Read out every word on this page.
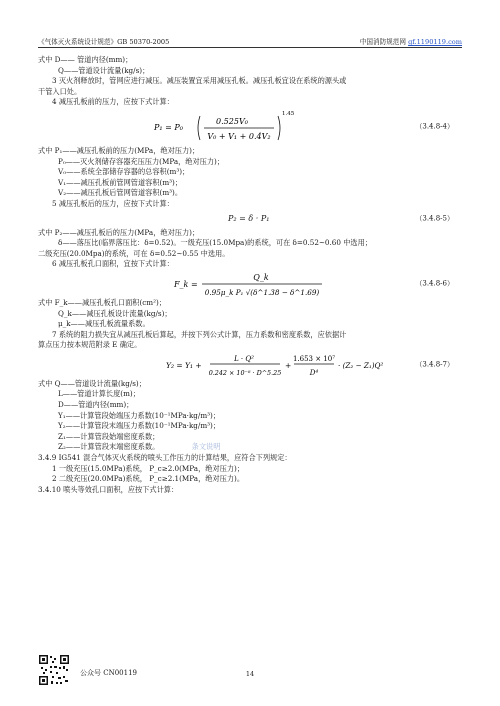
《气体灭火系统设计规范》GB 50370-2005	中国消防规范网 gf.1190119.com
式中 D—— 管道内径(mm)；
Q——管道设计流量(kg/s)；
3 灭火剂释放时，管网应进行减压。减压装置宜采用减压孔板。减压孔板宜设在系统的源头或
干管入口处。
4 减压孔板前的压力，应按下式计算：
P₁ = P₀
0.525V₀
V₀ + V₁ + 0.4V₂
1.45
（3.4.8-4）
式中 P₁——减压孔板前的压力(MPa，绝对压力)；
P₀——灭火剂储存容器充压压力(MPa，绝对压力)；
V₀——系统全部储存容器的总容积(m³)；
V₁——减压孔板前管网管道容积(m³)；
V₂——减压孔板后管网管道容积(m³)。
5 减压孔板后的压力，应按下式计算：
P₂ = δ · P₁	（3.4.8-5）
式中 P₂——减压孔板后的压力(MPa，绝对压力)；
δ——落压比(临界落压比：δ=0.52)。一级充压(15.0Mpa)的系统，可在 δ=0.52~0.60 中选用；
二级充压(20.0Mpa)的系统，可在 δ=0.52~0.55 中选用。
6 减压孔板孔口面积，宜按下式计算：
F_k =
Q_k
0.95μ_k P₁ √(δ^1.38 − δ^1.69)
（3.4.8-6）
式中 F_k——减压孔板孔口面积(cm²)；
Q_k——减压孔板设计流量(kg/s)；
μ_k——减压孔板流量系数。
7 系统的阻力损失宜从减压孔板后算起，并按下列公式计算，压力系数和密度系数，应依据计
算点压力按本规范附录 E 确定。
Y₂ = Y₁ +
L · Q²
0.242 × 10⁻⁸ · D^5.25
+
1.653 × 10⁷
D⁴
· (Z₂ − Z₁)Q²	（3.4.8-7）
式中 Q——管道设计流量(kg/s)；
L——管道计算长度(m)；
D——管道内径(mm)；
Y₁——计算管段始端压力系数(10⁻¹MPa·kg/m³)；
Y₂——计算管段末端压力系数(10⁻¹MPa·kg/m³)；
Z₁——计算管段始端密度系数；
Z₂——计算管段末端密度系数。	条文说明
3.4.9 IG541 混合气体灭火系统的喷头工作压力的计算结果，应符合下列规定：
1 一级充压(15.0MPa)系统， P_c≥2.0(MPa，绝对压力)；
2 二级充压(20.0MPa)系统， P_c≥2.1(MPa，绝对压力)。
3.4.10 喷头等效孔口面积，应按下式计算：
公众号 CN00119	14
